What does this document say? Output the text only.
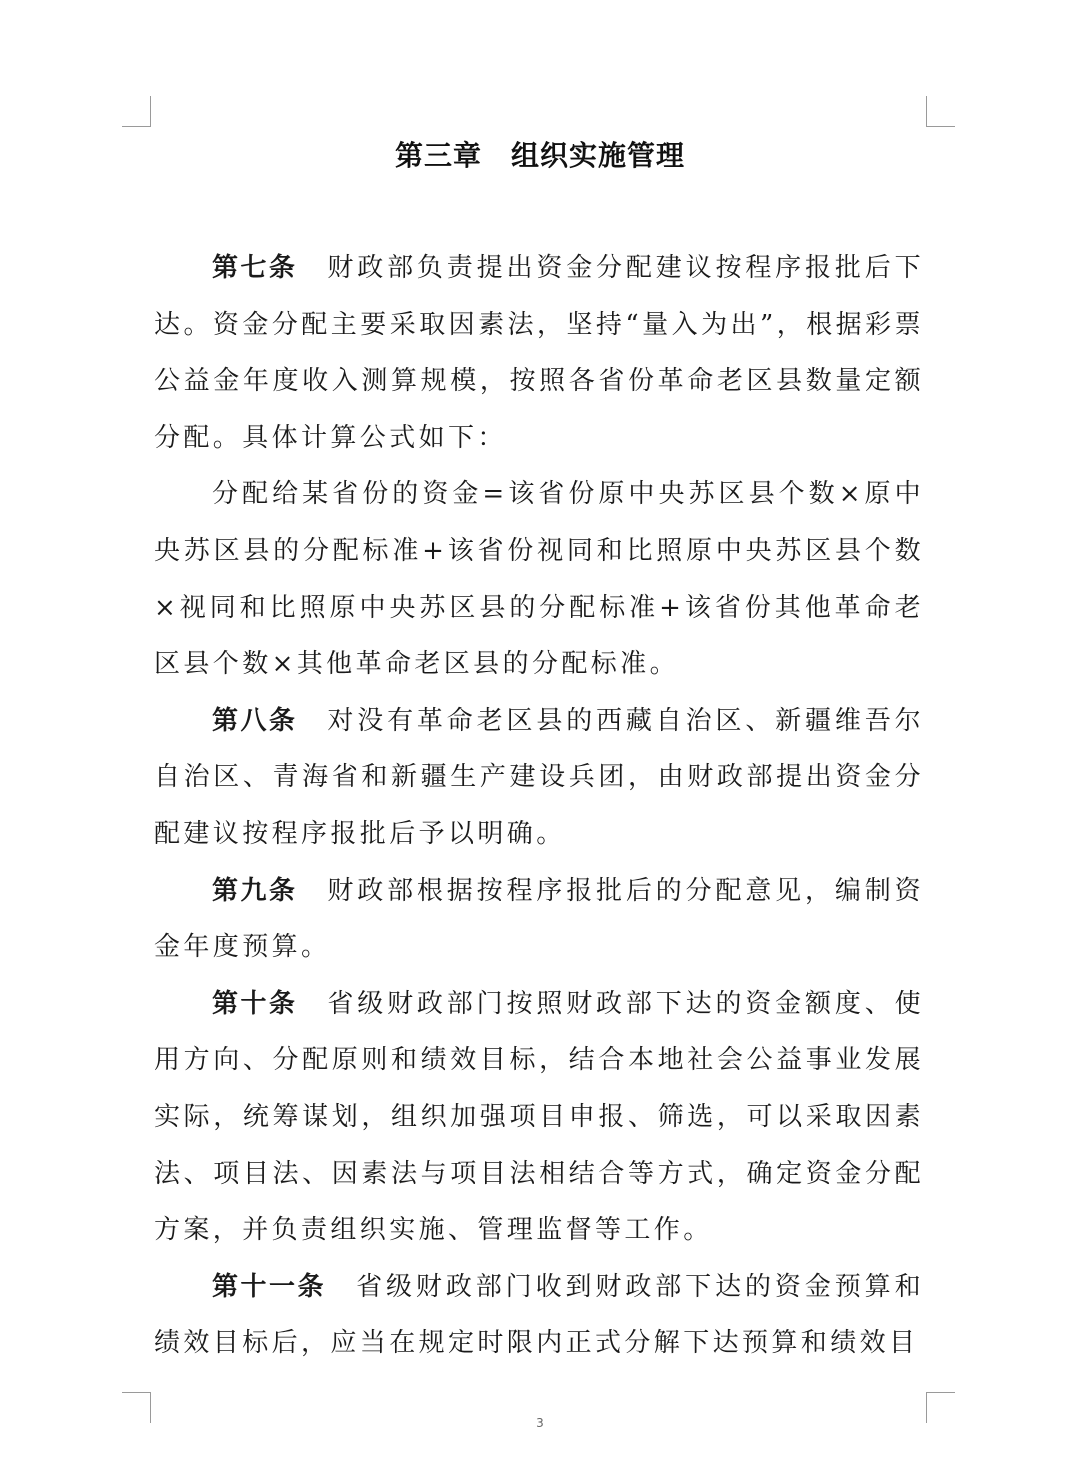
第三章　组织实施管理

第七条 财政部负责提出资金分配建议按程序报批后下达。资金分配主要采取因素法，坚持“量入为出”，根据彩票公益金年度收入测算规模，按照各省份革命老区县数量定额分配。具体计算公式如下：

分配给某省份的资金=该省份原中央苏区县个数×原中央苏区县的分配标准+该省份视同和比照原中央苏区县个数×视同和比照原中央苏区县的分配标准+该省份其他革命老区县个数×其他革命老区县的分配标准。

第八条 对没有革命老区县的西藏自治区、新疆维吾尔自治区、青海省和新疆生产建设兵团，由财政部提出资金分配建议按程序报批后予以明确。

第九条 财政部根据按程序报批后的分配意见，编制资金年度预算。

第十条 省级财政部门按照财政部下达的资金额度、使用方向、分配原则和绩效目标，结合本地社会公益事业发展实际，统筹谋划，组织加强项目申报、筛选，可以采取因素法、项目法、因素法与项目法相结合等方式，确定资金分配方案，并负责组织实施、管理监督等工作。

第十一条 省级财政部门收到财政部下达的资金预算和绩效目标后，应当在规定时限内正式分解下达预算和绩效目

3
